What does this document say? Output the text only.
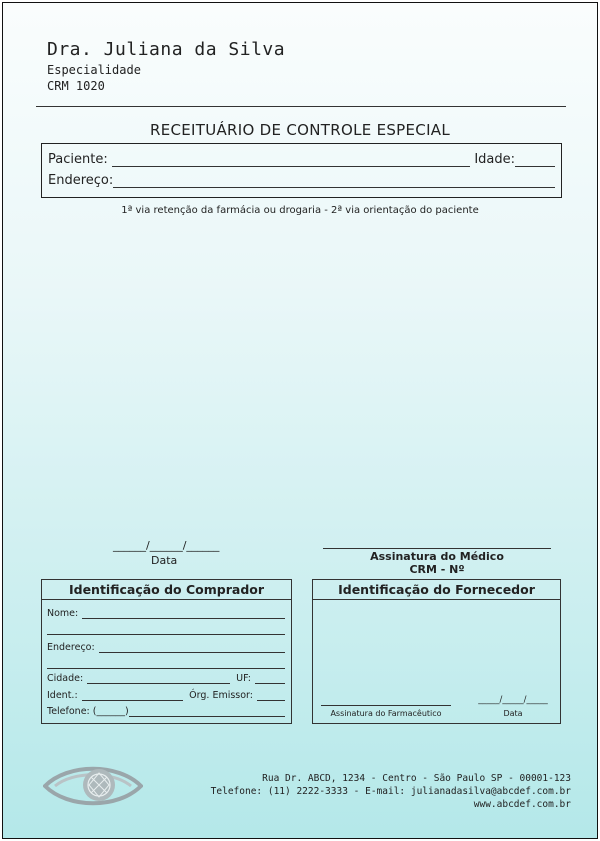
Dra. Juliana da Silva
Especialidade
CRM 1020
RECEITUÁRIO DE CONTROLE ESPECIAL
Paciente:	Idade:
Endereço:
1ª via retenção da farmácia ou drogaria - 2ª via orientação do paciente
______/______/______
Data	Assinatura do Médico
CRM - Nº
Identificação do Comprador
Nome:
Endereço:
Cidade:	UF:
Ident.:	Órg. Emissor:
Telefone: (______)
Identificação do Fornecedor
Assinatura do Farmacêutico
_____/_____/_____
Data
Rua Dr. ABCD, 1234 - Centro - São Paulo SP - 00001-123
Telefone: (11) 2222-3333 - E-mail: julianadasilva@abcdef.com.br
www.abcdef.com.br
